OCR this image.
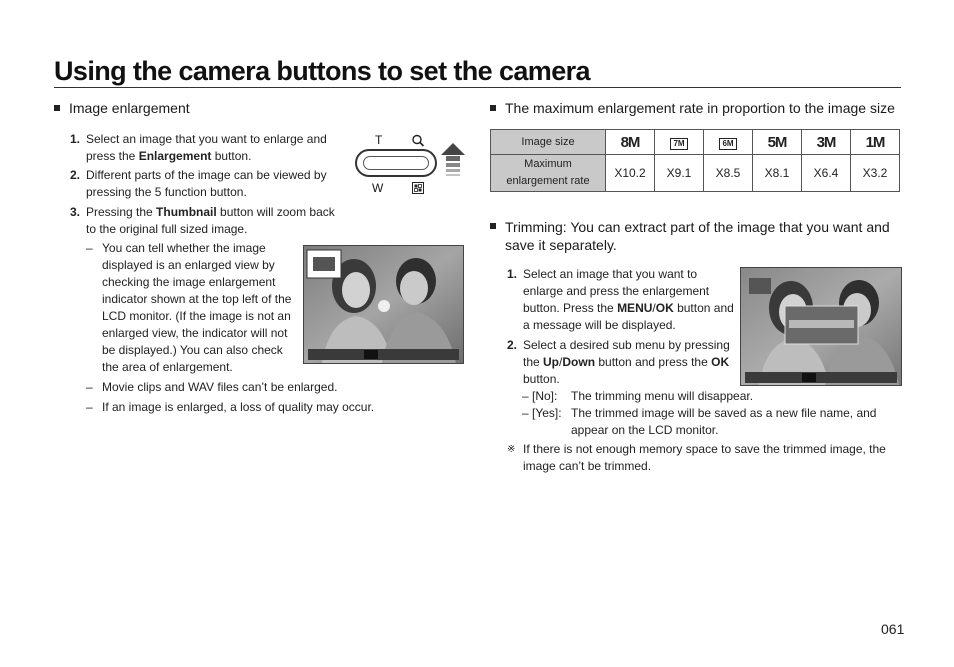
Using the camera buttons to set the camera
Image enlargement
1. Select an image that you want to enlarge and
press the Enlargement button.
2. Different parts of the image can be viewed by
pressing the 5 function button.
3. Pressing the Thumbnail button will zoom back
to the original full sized image.
– You can tell whether the image
displayed is an enlarged view by
checking the image enlargement
indicator shown at the top left of the
LCD monitor. (If the image is not an
enlarged view, the indicator will not
be displayed.) You can also check
the area of enlargement.
– Movie clips and WAV files can’t be enlarged.
– If an image is enlarged, a loss of quality may occur.
T
W
The maximum enlargement rate in proportion to the image size
Image size	8M	7M	6M	5M	3M	1M
Maximum
enlargement rate	X10.2	X9.1	X8.5	X8.1	X6.4	X3.2
Trimming: You can extract part of the image that you want and
save it separately.
1. Select an image that you want to
enlarge and press the enlargement
button. Press the MENU/OK button and
a message will be displayed.
2. Select a desired sub menu by pressing
the Up/Down button and press the OK
button.
– [No]: The trimming menu will disappear.
– [Yes]: The trimmed image will be saved as a new file name, and
appear on the LCD monitor.
※ If there is not enough memory space to save the trimmed image, the
image can’t be trimmed.
061
